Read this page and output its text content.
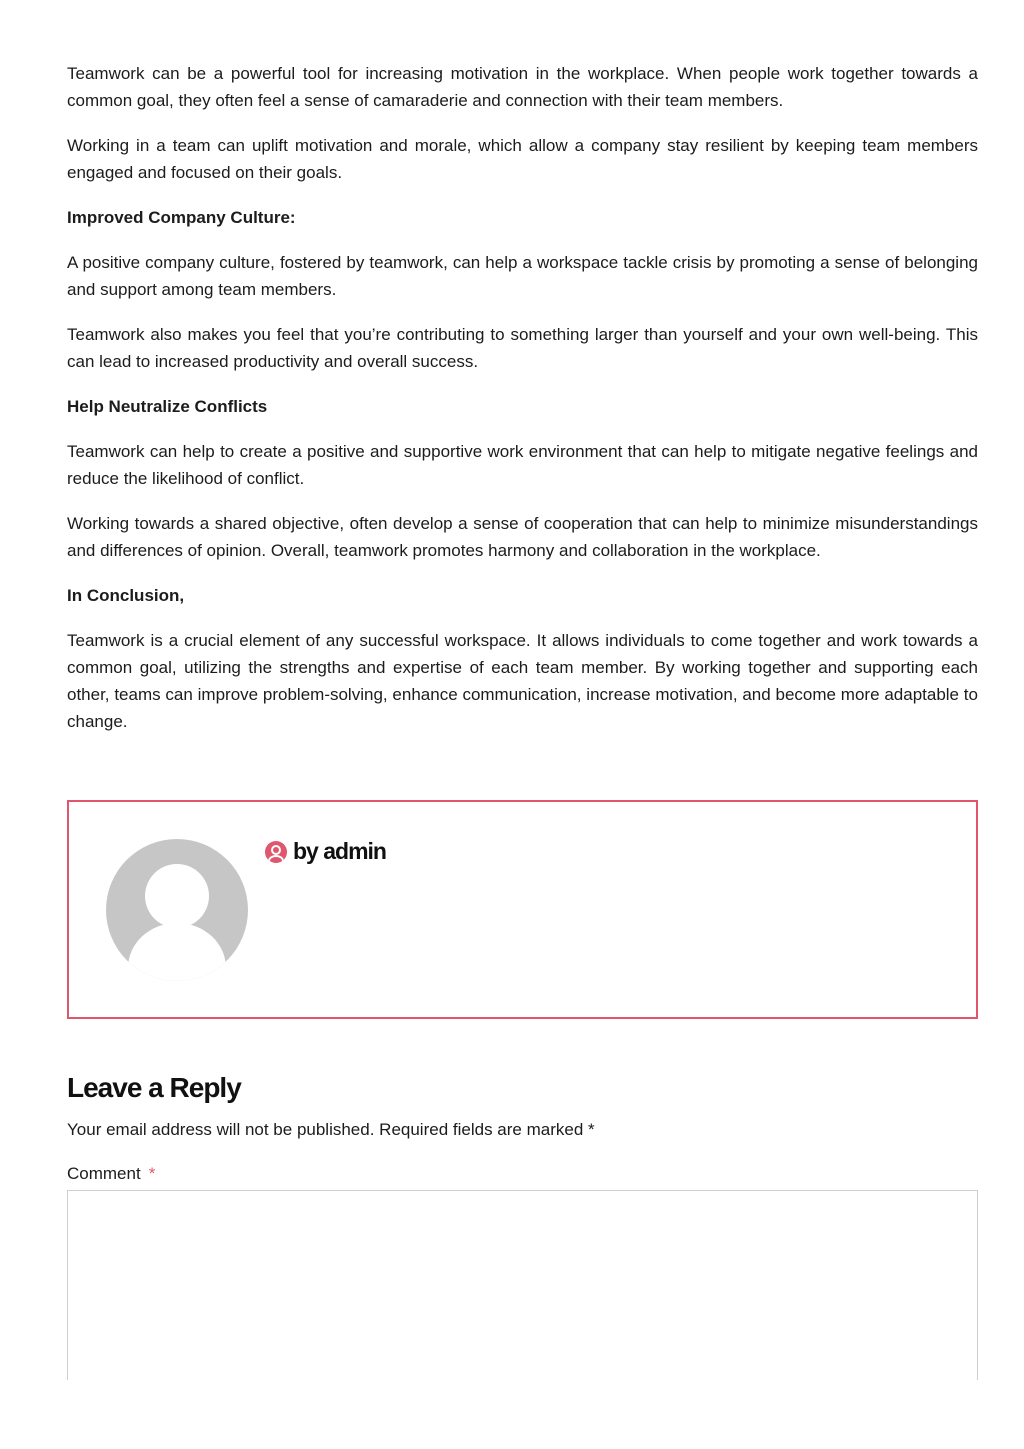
Teamwork can be a powerful tool for increasing motivation in the workplace. When people work together towards a common goal, they often feel a sense of camaraderie and connection with their team members.

Working in a team can uplift motivation and morale, which allow a company stay resilient by keeping team members engaged and focused on their goals.

Improved Company Culture:

A positive company culture, fostered by teamwork, can help a workspace tackle crisis by promoting a sense of belonging and support among team members.

Teamwork also makes you feel that you’re contributing to something larger than yourself and your own well-being. This can lead to increased productivity and overall success.

Help Neutralize Conflicts

Teamwork can help to create a positive and supportive work environment that can help to mitigate negative feelings and reduce the likelihood of conflict.

Working towards a shared objective, often develop a sense of cooperation that can help to minimize misunderstandings and differences of opinion. Overall, teamwork promotes harmony and collaboration in the workplace.

In Conclusion,

Teamwork is a crucial element of any successful workspace. It allows individuals to come together and work towards a common goal, utilizing the strengths and expertise of each team member. By working together and supporting each other, teams can improve problem-solving, enhance communication, increase motivation, and become more adaptable to change.

by admin
Leave a Reply

Your email address will not be published. Required fields are marked *

Comment *
